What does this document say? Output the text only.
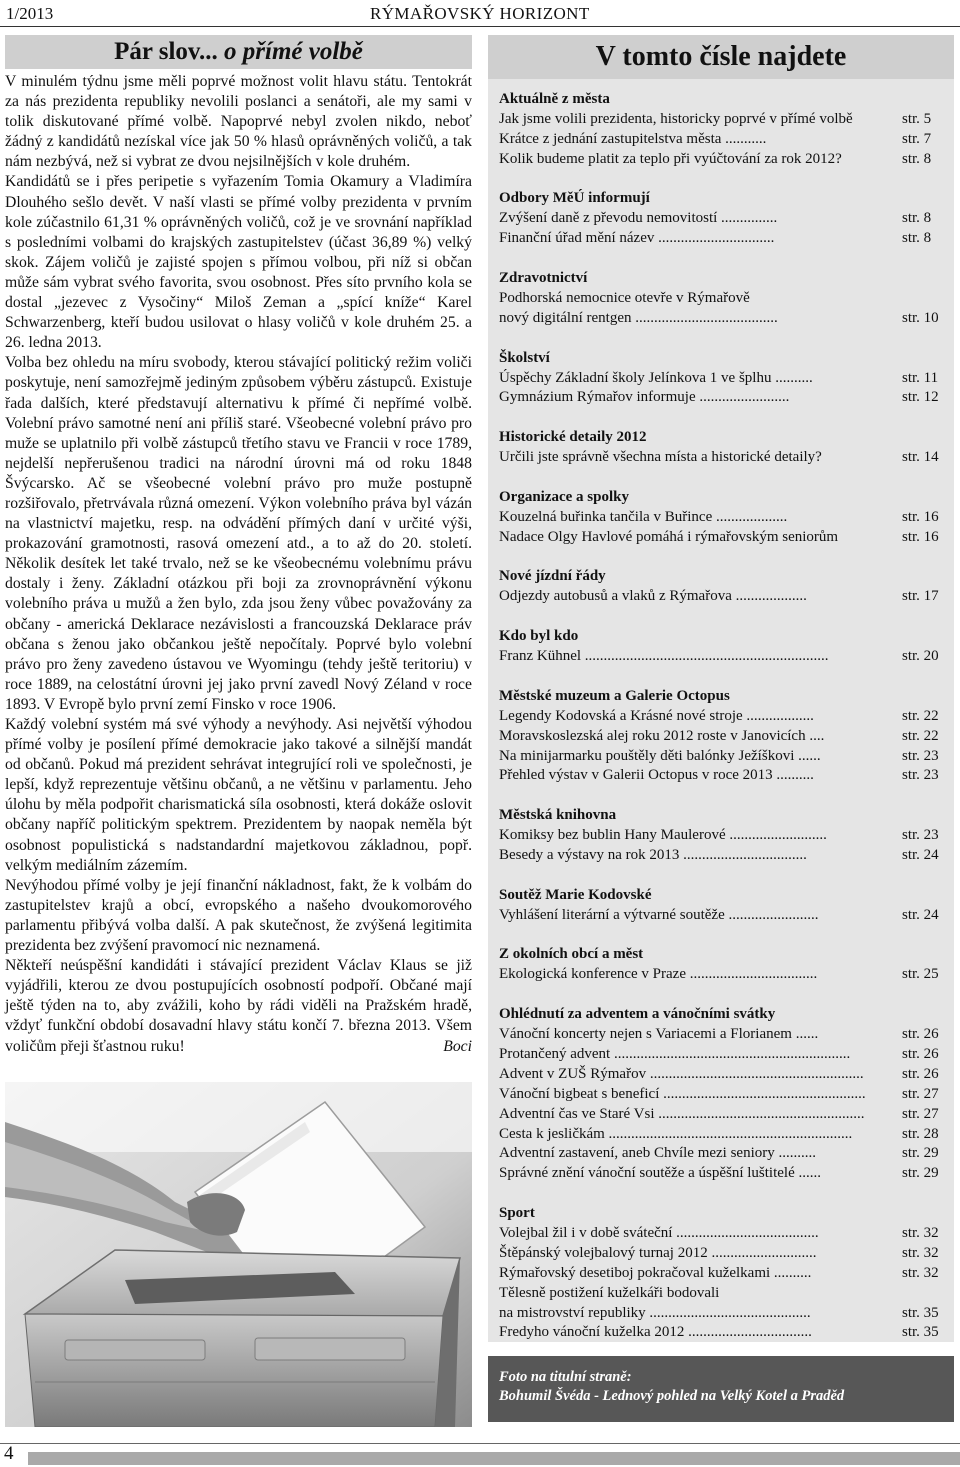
1/2013	RÝMAŘOVSKÝ HORIZONT
Pár slov... o přímé volbě

V minulém týdnu jsme měli poprvé možnost volit hlavu státu. Tentokrát za nás prezidenta republiky nevolili poslanci a senátoři, ale my sami v tolik diskutované přímé volbě. Napoprvé nebyl zvolen nikdo, neboť žádný z kandidátů nezískal více jak 50 % hlasů oprávněných voličů, a tak nám nezbývá, než si vybrat ze dvou nejsilnějších v kole druhém.

Kandidátů se i přes peripetie s vyřazením Tomia Okamury a Vladimíra Dlouhého sešlo devět. V naší vlasti se přímé volby prezidenta v prvním kole zúčastnilo 61,31 % oprávněných voličů, což je ve srovnání například s posledními volbami do krajských zastupitelstev (účast 36,89 %) velký skok. Zájem voličů je zajisté spojen s přímou volbou, při níž si občan může sám vybrat svého favorita, svou osobnost. Přes síto prvního kola se dostal „jezevec z Vysočiny“ Miloš Zeman a „spící kníže“ Karel Schwarzenberg, kteří budou usilovat o hlasy voličů v kole druhém 25. a 26. ledna 2013.

Volba bez ohledu na míru svobody, kterou stávající politický režim voliči poskytuje, není samozřejmě jediným způsobem výběru zástupců. Existuje řada dalších, které představují alternativu k přímé či nepřímé volbě. Volební právo samotné není ani příliš staré. Všeobecné volební právo pro muže se uplatnilo při volbě zástupců třetího stavu ve Francii v roce 1789, nejdelší nepřerušenou tradici na národní úrovni má od roku 1848 Švýcarsko. Ač se všeobecné volební právo pro muže postupně rozšiřovalo, přetrvávala různá omezení. Výkon volebního práva byl vázán na vlastnictví majetku, resp. na odvádění přímých daní v určité výši, prokazování gramotnosti, rasová omezení atd., a to až do 20. století. Několik desítek let také trvalo, než se ke všeobecnému volebnímu právu dostaly i ženy. Základní otázkou při boji za zrovnoprávnění výkonu volebního práva u mužů a žen bylo, zda jsou ženy vůbec považovány za občany - americká Deklarace nezávislosti a francouzská Deklarace práv občana s ženou jako občankou ještě nepočítaly. Poprvé bylo volební právo pro ženy zavedeno ústavou ve Wyomingu (tehdy ještě teritoriu) v roce 1889, na celostátní úrovni jej jako první zavedl Nový Zéland v roce 1893. V Evropě bylo první zemí Finsko v roce 1906.

Každý volební systém má své výhody a nevýhody. Asi největší výhodou přímé volby je posílení přímé demokracie jako takové a silnější mandát od občanů. Pokud má prezident sehrávat integrující roli ve společnosti, je lepší, když reprezentuje většinu občanů, a ne většinu v parlamentu. Jeho úlohu by měla podpořit charismatická síla osobnosti, která dokáže oslovit občany napříč politickým spektrem. Prezidentem by naopak neměla být osobnost populistická s nadstandardní majetkovou základnou, popř. velkým mediálním zázemím.

Nevýhodou přímé volby je její finanční nákladnost, fakt, že k volbám do zastupitelstev krajů a obcí, evropského a našeho dvoukomorového parlamentu přibývá volba další. A pak skutečnost, že zvýšená legitimita prezidenta bez zvýšení pravomocí nic neznamená.

Někteří neúspěšní kandidáti i stávající prezident Václav Klaus se již vyjádřili, kterou ze dvou postupujících osobností podpoří. Občané mají ještě týden na to, aby zvážili, koho by rádi viděli na Pražském hradě, vždyť funkční období dosavadní hlavy státu končí 7. března 2013. Všem voličům přeji šťastnou ruku!	Boci

V tomto čísle najdete
Aktuálně z města
Jak jsme volili prezidenta, historicky poprvé v přímé volbě	str. 5
Krátce z jednání zastupitelstva města ...........	str. 7
Kolik budeme platit za teplo při vyúčtování za rok 2012?	str. 8
Odbory MěÚ informují
Zvýšení daně z převodu nemovitostí ...............	str. 8
Finanční úřad mění název ...............................	str. 8
Zdravotnictví
Podhorská nemocnice otevře v Rýmařově
nový digitální rentgen ......................................	str. 10
Školství
Úspěchy Základní školy Jelínkova 1 ve šplhu ..........	str. 11
Gymnázium Rýmařov informuje ........................	str. 12
Historické detaily 2012
Určili jste správně všechna místa a historické detaily?	str. 14
Organizace a spolky
Kouzelná buřinka tančila v Buřince ...................	str. 16
Nadace Olgy Havlové pomáhá i rýmařovským seniorům	str. 16
Nové jízdní řády
Odjezdy autobusů a vlaků z Rýmařova ...................	str. 17
Kdo byl kdo
Franz Kühnel .................................................................	str. 20
Městské muzeum a Galerie Octopus
Legendy Kodovská a Krásné nové stroje ..................	str. 22
Moravskoslezská alej roku 2012 roste v Janovicích ....	str. 22
Na minijarmarku pouštěly děti balónky Ježíškovi ......	str. 23
Přehled výstav v Galerii Octopus v roce 2013 ..........	str. 23
Městská knihovna
Komiksy bez bublin Hany Maulerové ..........................	str. 23
Besedy a výstavy na rok 2013 .................................	str. 24
Soutěž Marie Kodovské
Vyhlášení literární a výtvarné soutěže ........................	str. 24
Z okolních obcí a měst
Ekologická konference v Praze ..................................	str. 25
Ohlédnutí za adventem a vánočními svátky
Vánoční koncerty nejen s Variacemi a Florianem ......	str. 26
Protančený advent ...............................................................	str. 26
Advent v ZUŠ Rýmařov .........................................................	str. 26
Vánoční bigbeat s beneficí ...................................................... str. 27
Adventní čas ve Staré Vsi ....................................................... str. 27
Cesta k jesličkám .................................................................	str. 28
Adventní zastavení, aneb Chvíle mezi seniory ..........	str. 29
Správné znění vánoční soutěže a úspěšní luštitelé ......	str. 29
Sport
Volejbal žil i v době sváteční ......................................	str. 32
Štěpánský volejbalový turnaj 2012 ............................	str. 32
Rýmařovský desetiboj pokračoval kuželkami ..........	str. 32
Tělesně postižení kuželkáři bodovali
na mistrovství republiky ...........................................	str. 35
Fredyho vánoční kuželka 2012 .................................	str. 35
Foto na titulní straně:
Bohumil Švéda - Lednový pohled na Velký Kotel a Praděd
4
